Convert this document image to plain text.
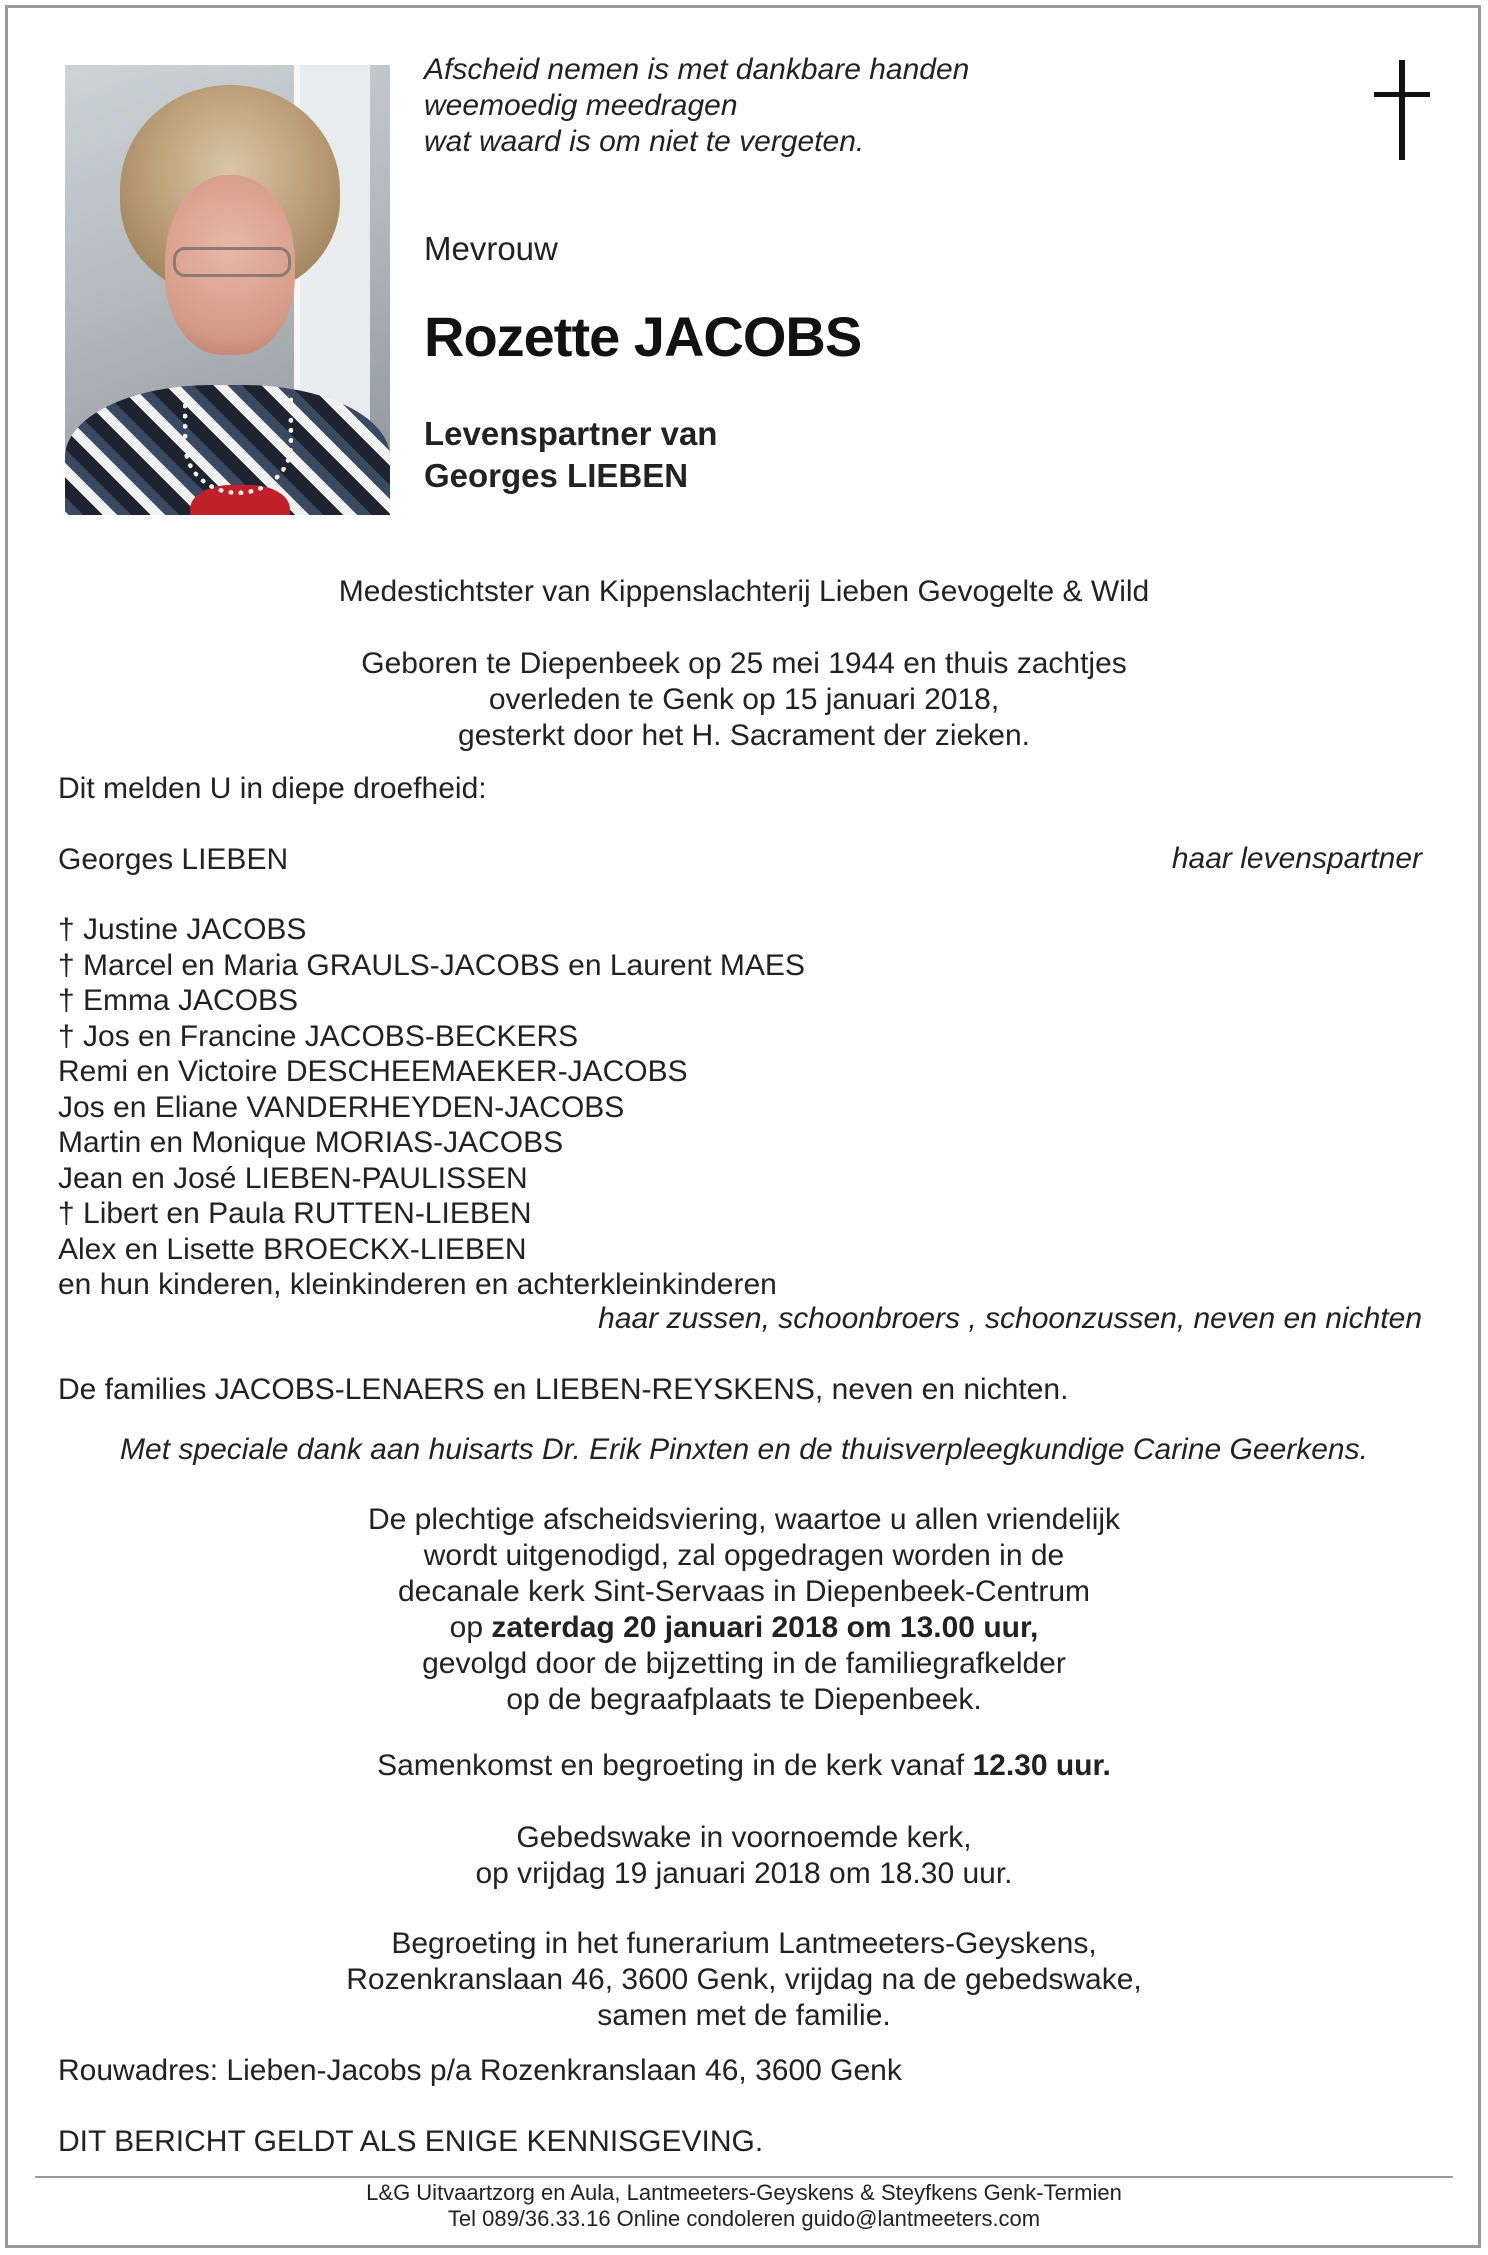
Afscheid nemen is met dankbare handen
weemoedig meedragen
wat waard is om niet te vergeten.
Mevrouw
Rozette JACOBS
Levenspartner van
Georges LIEBEN
Medestichtster van Kippenslachterij Lieben Gevogelte & Wild
Geboren te Diepenbeek op 25 mei 1944 en thuis zachtjes
overleden te Genk op 15 januari 2018,
gesterkt door het H. Sacrament der zieken.
Dit melden U in diepe droefheid:
Georges LIEBEN	haar levenspartner
† Justine JACOBS
† Marcel en Maria GRAULS-JACOBS en Laurent MAES
† Emma JACOBS
† Jos en Francine JACOBS-BECKERS
Remi en Victoire DESCHEEMAEKER-JACOBS
Jos en Eliane VANDERHEYDEN-JACOBS
Martin en Monique MORIAS-JACOBS
Jean en José LIEBEN-PAULISSEN
† Libert en Paula RUTTEN-LIEBEN
Alex en Lisette BROECKX-LIEBEN
en hun kinderen, kleinkinderen en achterkleinkinderen
haar zussen, schoonbroers , schoonzussen, neven en nichten
De families JACOBS-LENAERS en LIEBEN-REYSKENS, neven en nichten.
Met speciale dank aan huisarts Dr. Erik Pinxten en de thuisverpleegkundige Carine Geerkens.
De plechtige afscheidsviering, waartoe u allen vriendelijk
wordt uitgenodigd, zal opgedragen worden in de
decanale kerk Sint-Servaas in Diepenbeek-Centrum
op zaterdag 20 januari 2018 om 13.00 uur,
gevolgd door de bijzetting in de familiegrafkelder
op de begraafplaats te Diepenbeek.
Samenkomst en begroeting in de kerk vanaf 12.30 uur.
Gebedswake in voornoemde kerk,
op vrijdag 19 januari 2018 om 18.30 uur.
Begroeting in het funerarium Lantmeeters-Geyskens,
Rozenkranslaan 46, 3600 Genk, vrijdag na de gebedswake,
samen met de familie.
Rouwadres: Lieben-Jacobs p/a Rozenkranslaan 46, 3600 Genk
DIT BERICHT GELDT ALS ENIGE KENNISGEVING.
L&G Uitvaartzorg en Aula, Lantmeeters-Geyskens & Steyfkens Genk-Termien
Tel 089/36.33.16 Online condoleren guido@lantmeeters.com
